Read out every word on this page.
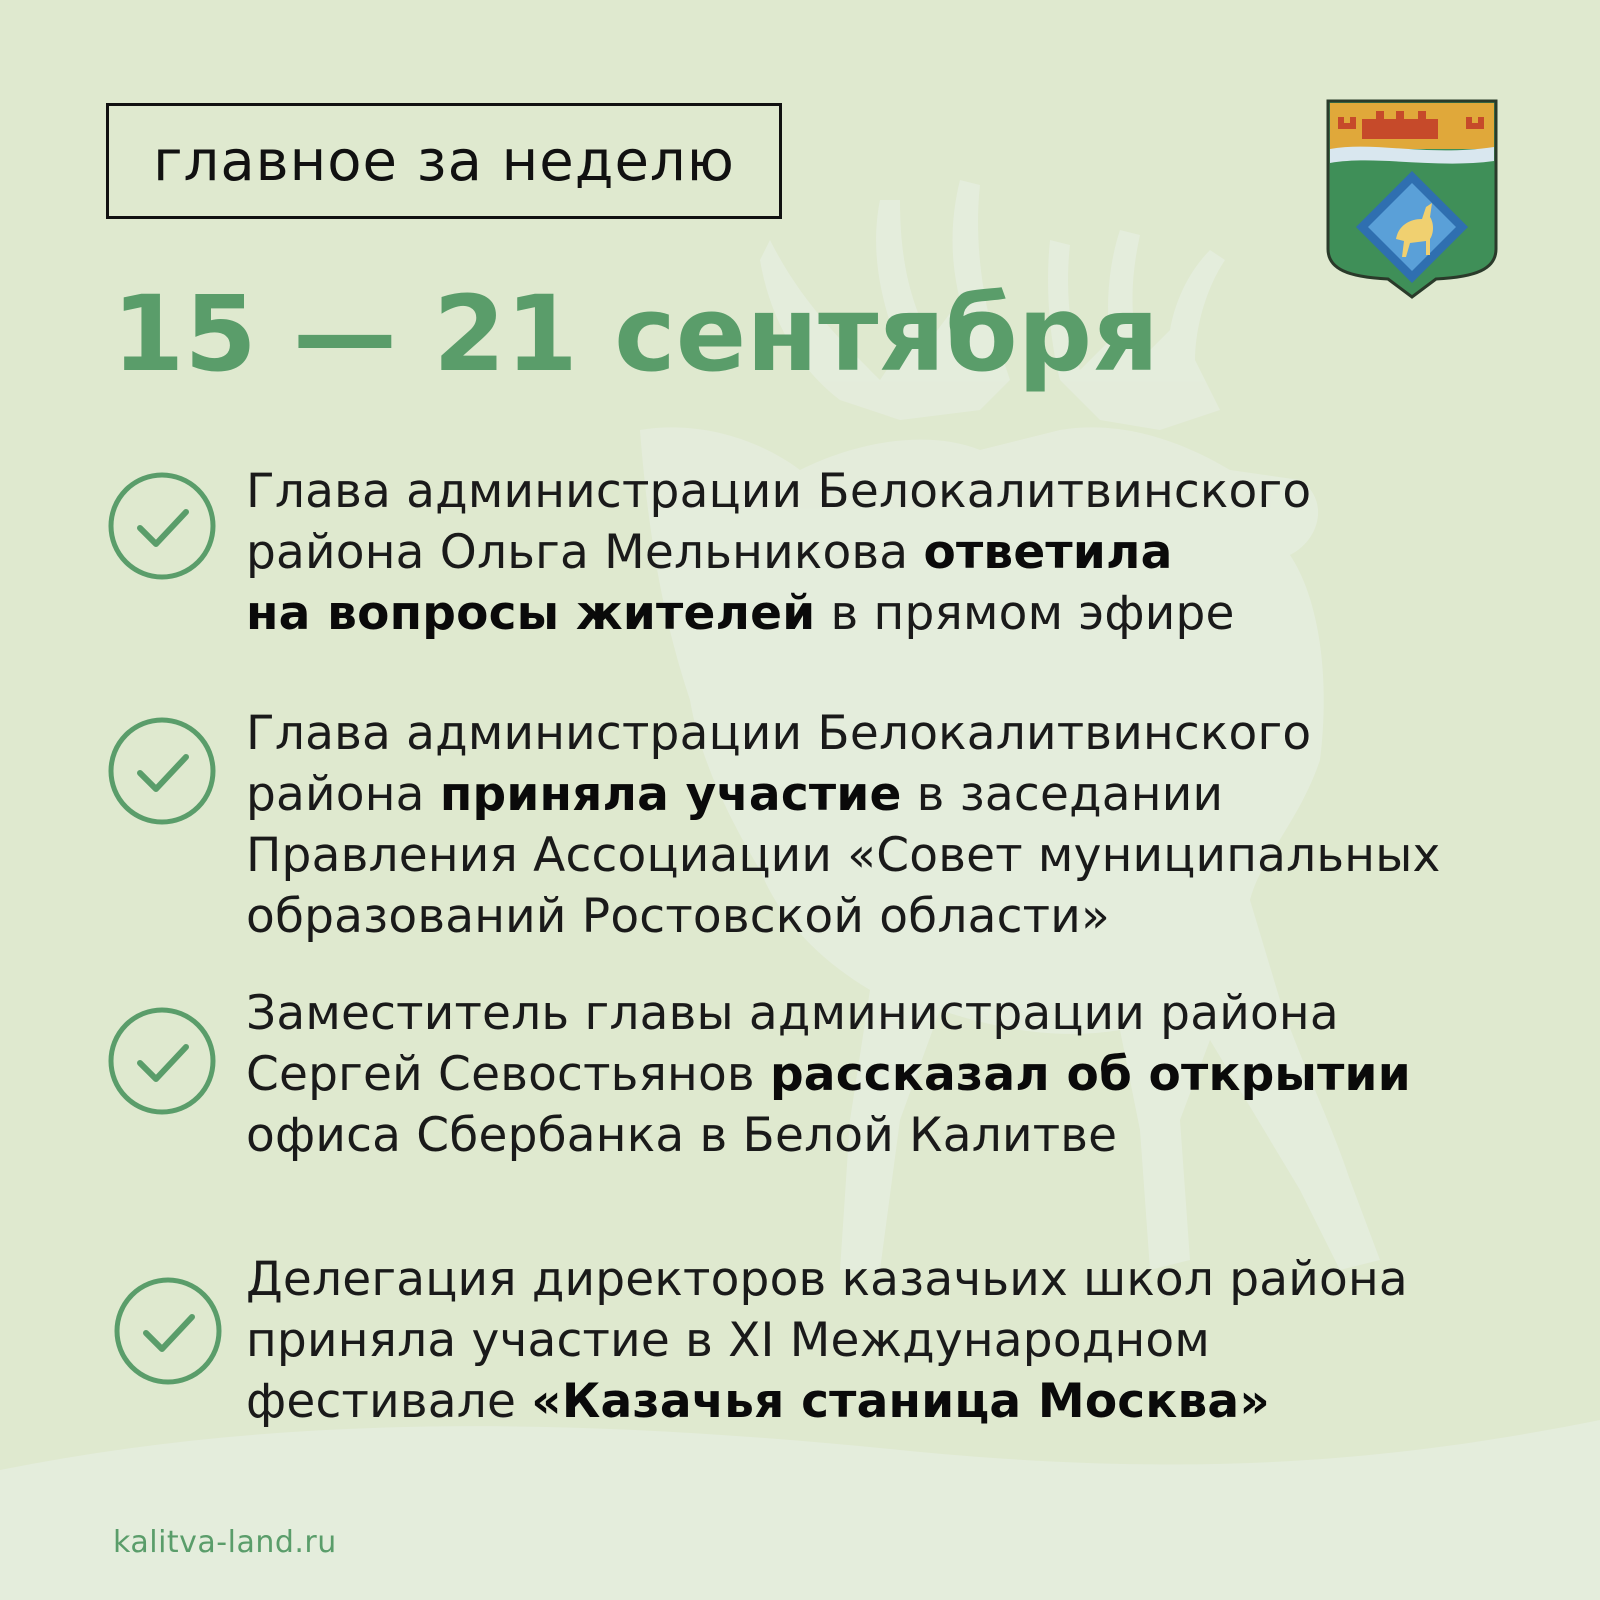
главное за неделю
15 — 21 сентября
Глава администрации Белокалитвинского
района Ольга Мельникова ответила
на вопросы жителей в прямом эфире
Глава администрации Белокалитвинского
района приняла участие в заседании
Правления Ассоциации «Совет муниципальных
образований Ростовской области»
Заместитель главы администрации района
Сергей Севостьянов рассказал об открытии
офиса Сбербанка в Белой Калитве
Делегация директоров казачьих школ района
приняла участие в XI Международном
фестивале «Казачья станица Москва»
kalitva-land.ru
